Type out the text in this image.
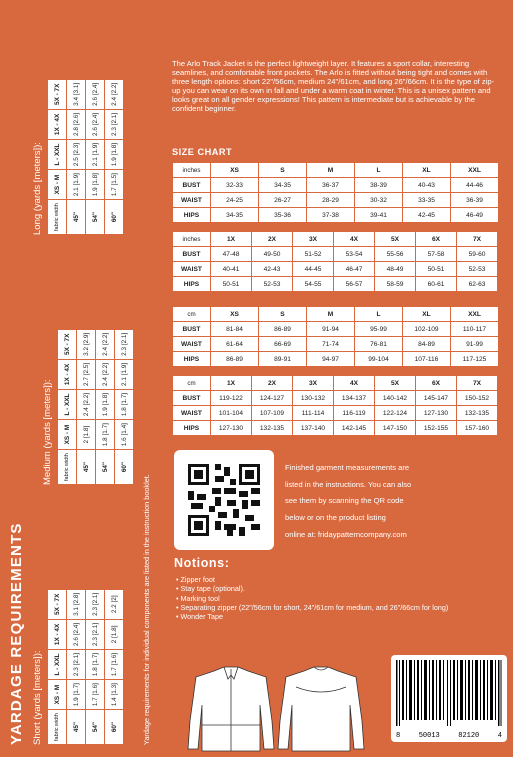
YARDAGE REQUIREMENTS Short (yards [meters]): fabric width	XS - M	L - XXL	1X - 4X	5X - 7X
45"	1.9 [1.7]	2.3 [2.1]	2.6 [2.4]	3.1 [2.8]
54"	1.7 [1.6]	1.8 [1.7]	2.3 [2.1]	2.3 [2.1]
60"	1.4 [1.3]	1.7 [1.6]	2 [1.8]	2.2 [2]
Medium (yards [meters]): fabric width	XS - M	L - XXL	1X - 4X	5X - 7X
45"	2 [1.8]	2.4 [2.2]	2.7 [2.5]	3.2 [2.9]
54"	1.8 [1.7]	1.9 [1.8]	2.4 [2.2]	2.4 [2.2]
60"	1.6 [1.4]	1.8 [1.7]	2.1 [1.9]	2.3 [2.1]
Long (yards [meters]): fabric width	XS - M	L - XXL	1X - 4X	5X - 7X
45"	2.1 [1.9]	2.5 [2.3]	2.8 [2.6]	3.4 [3.1]
54"	1.9 [1.8]	2.1 [1.9]	2.6 [2.4]	2.6 [2.4]
60"	1.7 [1.5]	1.9 [1.8]	2.3 [2.1]	2.4 [2.2]
Yardage requirements for individual components are listed in the instruction booklet.

The Arlo Track Jacket is the perfect lightweight layer. It features a sport collar, interesting seamlines, and comfortable front pockets. The Arlo is fitted without being tight and comes with three length options: short 22"/56cm, medium 24"/61cm, and long 26"/66cm. It is the type of zip-up you can wear on its own in fall and under a warm coat in winter. This is a unisex pattern and looks great on all gender expressions! This pattern is intermediate but is achievable by the confident beginner.

SIZE CHART
inches	XS	S	M	L	XL	XXL
BUST	32-33	34-35	36-37	38-39	40-43	44-46
WAIST	24-25	26-27	28-29	30-32	33-35	36-39
HIPS	34-35	35-36	37-38	39-41	42-45	46-49
inches	1X	2X	3X	4X	5X	6X	7X
BUST	47-48	49-50	51-52	53-54	55-56	57-58	59-60
WAIST	40-41	42-43	44-45	46-47	48-49	50-51	52-53
HIPS	50-51	52-53	54-55	56-57	58-59	60-61	62-63
cm	XS	S	M	L	XL	XXL
BUST	81-84	86-89	91-94	95-99	102-109	110-117
WAIST	61-64	66-69	71-74	76-81	84-89	91-99
HIPS	86-89	89-91	94-97	99-104	107-116	117-125
cm	1X	2X	3X	4X	5X	6X	7X
BUST	119-122	124-127	130-132	134-137	140-142	145-147	150-152
WAIST	101-104	107-109	111-114	116-119	122-124	127-130	132-135
HIPS	127-130	132-135	137-140	142-145	147-150	152-155	157-160
Finished garment measurements are
listed in the instructions. You can also
see them by scanning the QR code
below or on the product listing
online at: fridaypatterncompany.com
Notions:
• Zipper foot
• Stay tape (optional).
• Marking tool
• Separating zipper (22"/56cm for short, 24"/61cm for medium, and 26"/66cm for long)
• Wonder Tape
8	50013	82120	4
